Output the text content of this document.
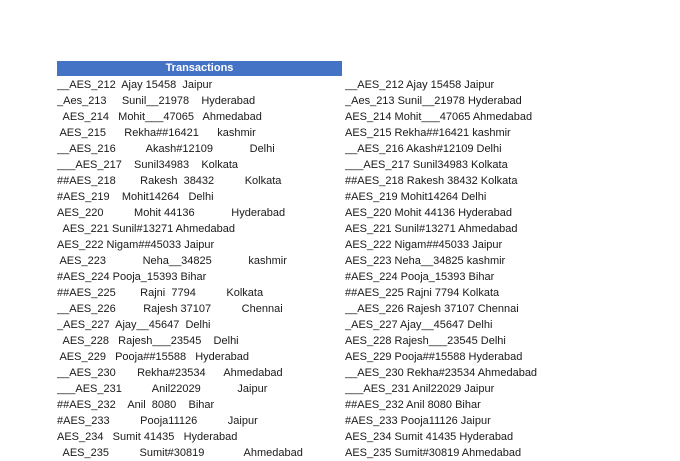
Transactions
__AES_212  Ajay 15458  Jaipur
_Aes_213     Sunil__21978    Hyderabad
AES_214   Mohit___47065   Ahmedabad
AES_215      Rekha##16421      kashmir
__AES_216          Akash#12109            Delhi
___AES_217    Sunil34983    Kolkata
##AES_218        Rakesh  38432          Kolkata
#AES_219    Mohit14264   Delhi
AES_220          Mohit 44136            Hyderabad
AES_221 Sunil#13271 Ahmedabad
AES_222 Nigam##45033 Jaipur
AES_223            Neha__34825            kashmir
#AES_224 Pooja_15393 Bihar
##AES_225        Rajni  7794          Kolkata
__AES_226         Rajesh 37107          Chennai
_AES_227  Ajay__45647  Delhi
AES_228   Rajesh___23545    Delhi
AES_229   Pooja##15588   Hyderabad
__AES_230       Rekha#23534      Ahmedabad
___AES_231          Anil22029            Jaipur
##AES_232    Anil  8080    Bihar
#AES_233          Pooja11126          Jaipur
AES_234   Sumit 41435   Hyderabad
AES_235          Sumit#30819             Ahmedabad
__AES_212 Ajay 15458 Jaipur
_Aes_213 Sunil__21978 Hyderabad
AES_214 Mohit___47065 Ahmedabad
AES_215 Rekha##16421 kashmir
__AES_216 Akash#12109 Delhi
___AES_217 Sunil34983 Kolkata
##AES_218 Rakesh 38432 Kolkata
#AES_219 Mohit14264 Delhi
AES_220 Mohit 44136 Hyderabad
AES_221 Sunil#13271 Ahmedabad
AES_222 Nigam##45033 Jaipur
AES_223 Neha__34825 kashmir
#AES_224 Pooja_15393 Bihar
##AES_225 Rajni 7794 Kolkata
__AES_226 Rajesh 37107 Chennai
_AES_227 Ajay__45647 Delhi
AES_228 Rajesh___23545 Delhi
AES_229 Pooja##15588 Hyderabad
__AES_230 Rekha#23534 Ahmedabad
___AES_231 Anil22029 Jaipur
##AES_232 Anil 8080 Bihar
#AES_233 Pooja11126 Jaipur
AES_234 Sumit 41435 Hyderabad
AES_235 Sumit#30819 Ahmedabad
